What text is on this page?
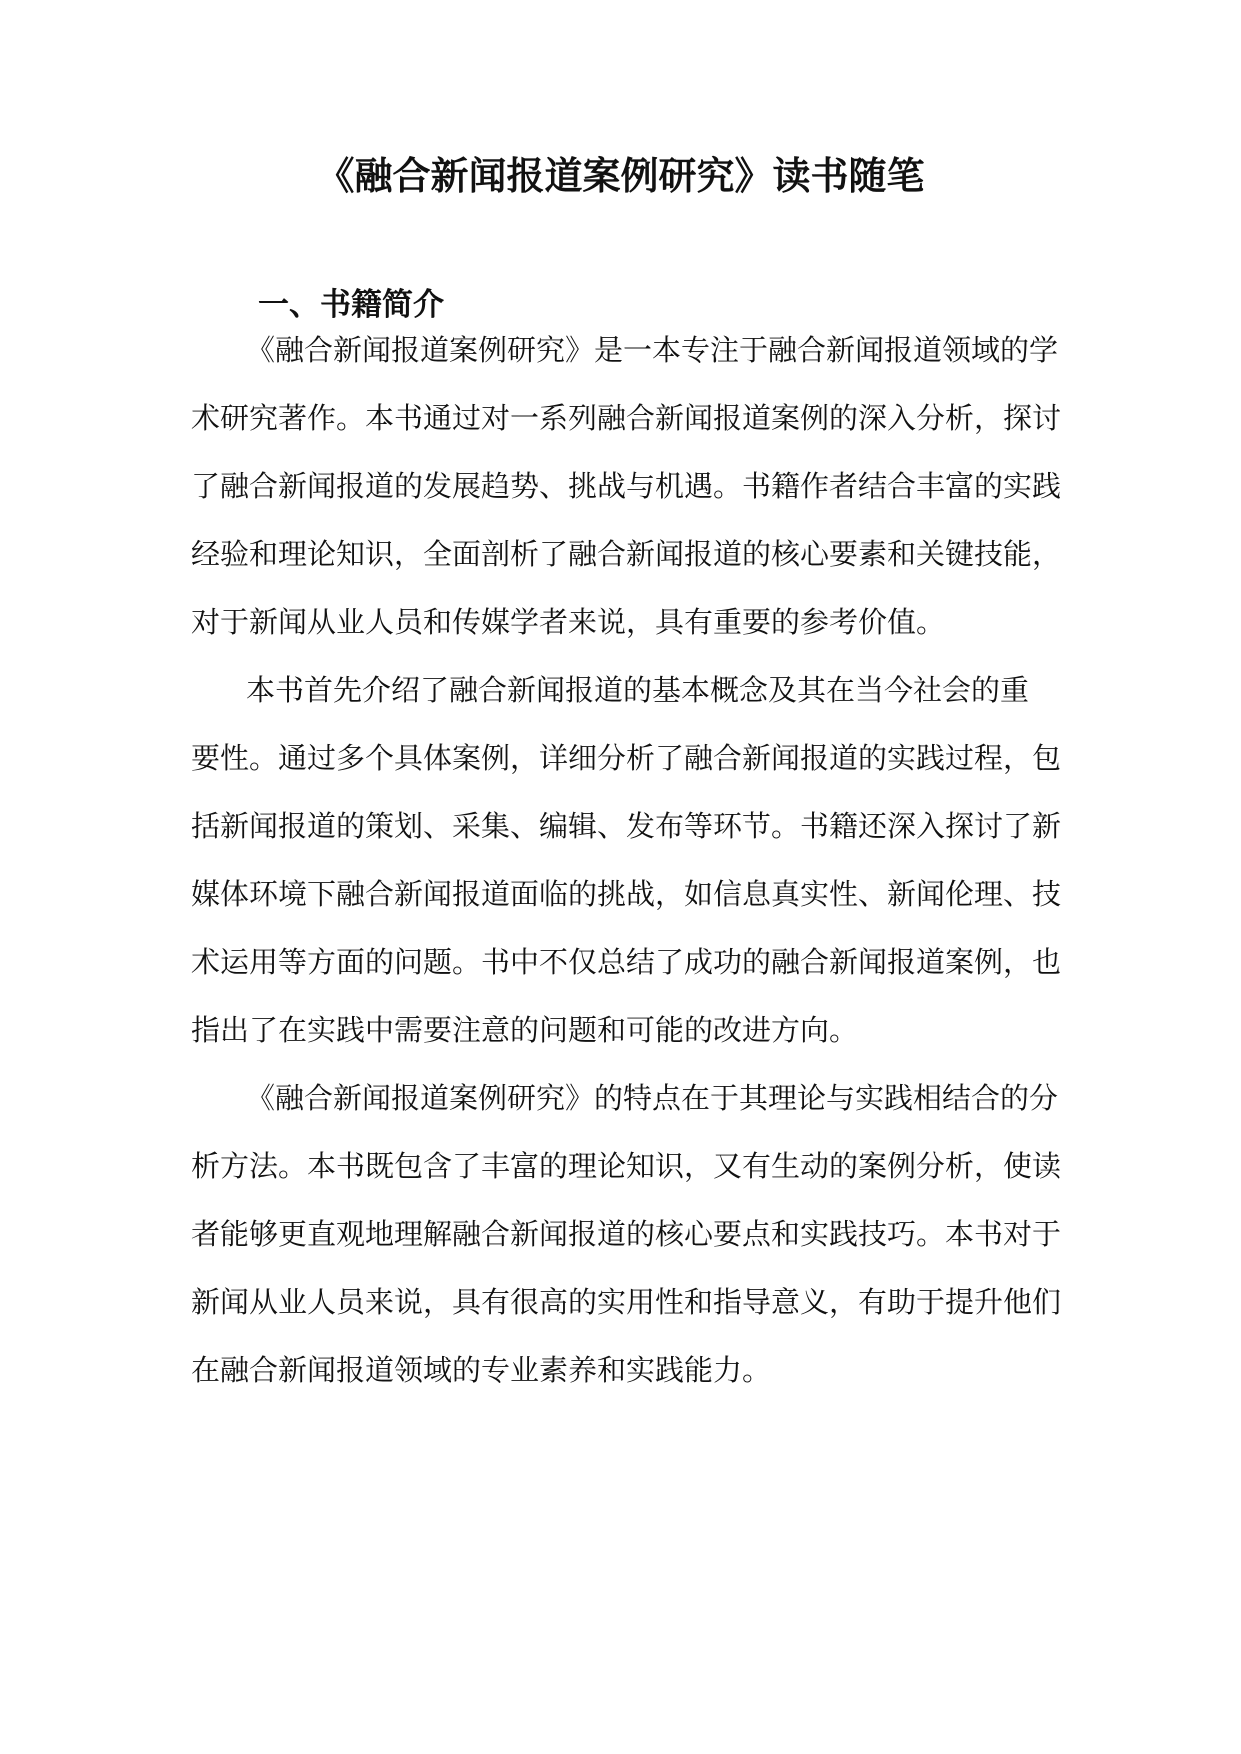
《融合新闻报道案例研究》读书随笔
一、书籍简介

《融合新闻报道案例研究》是一本专注于融合新闻报道领域的学

术研究著作。本书通过对一系列融合新闻报道案例的深入分析，探讨

了融合新闻报道的发展趋势、挑战与机遇。书籍作者结合丰富的实践

经验和理论知识，全面剖析了融合新闻报道的核心要素和关键技能，

对于新闻从业人员和传媒学者来说，具有重要的参考价值。

本书首先介绍了融合新闻报道的基本概念及其在当今社会的重

要性。通过多个具体案例，详细分析了融合新闻报道的实践过程，包

括新闻报道的策划、采集、编辑、发布等环节。书籍还深入探讨了新

媒体环境下融合新闻报道面临的挑战，如信息真实性、新闻伦理、技

术运用等方面的问题。书中不仅总结了成功的融合新闻报道案例，也

指出了在实践中需要注意的问题和可能的改进方向。

《融合新闻报道案例研究》的特点在于其理论与实践相结合的分

析方法。本书既包含了丰富的理论知识，又有生动的案例分析，使读

者能够更直观地理解融合新闻报道的核心要点和实践技巧。本书对于

新闻从业人员来说，具有很高的实用性和指导意义，有助于提升他们

在融合新闻报道领域的专业素养和实践能力。
